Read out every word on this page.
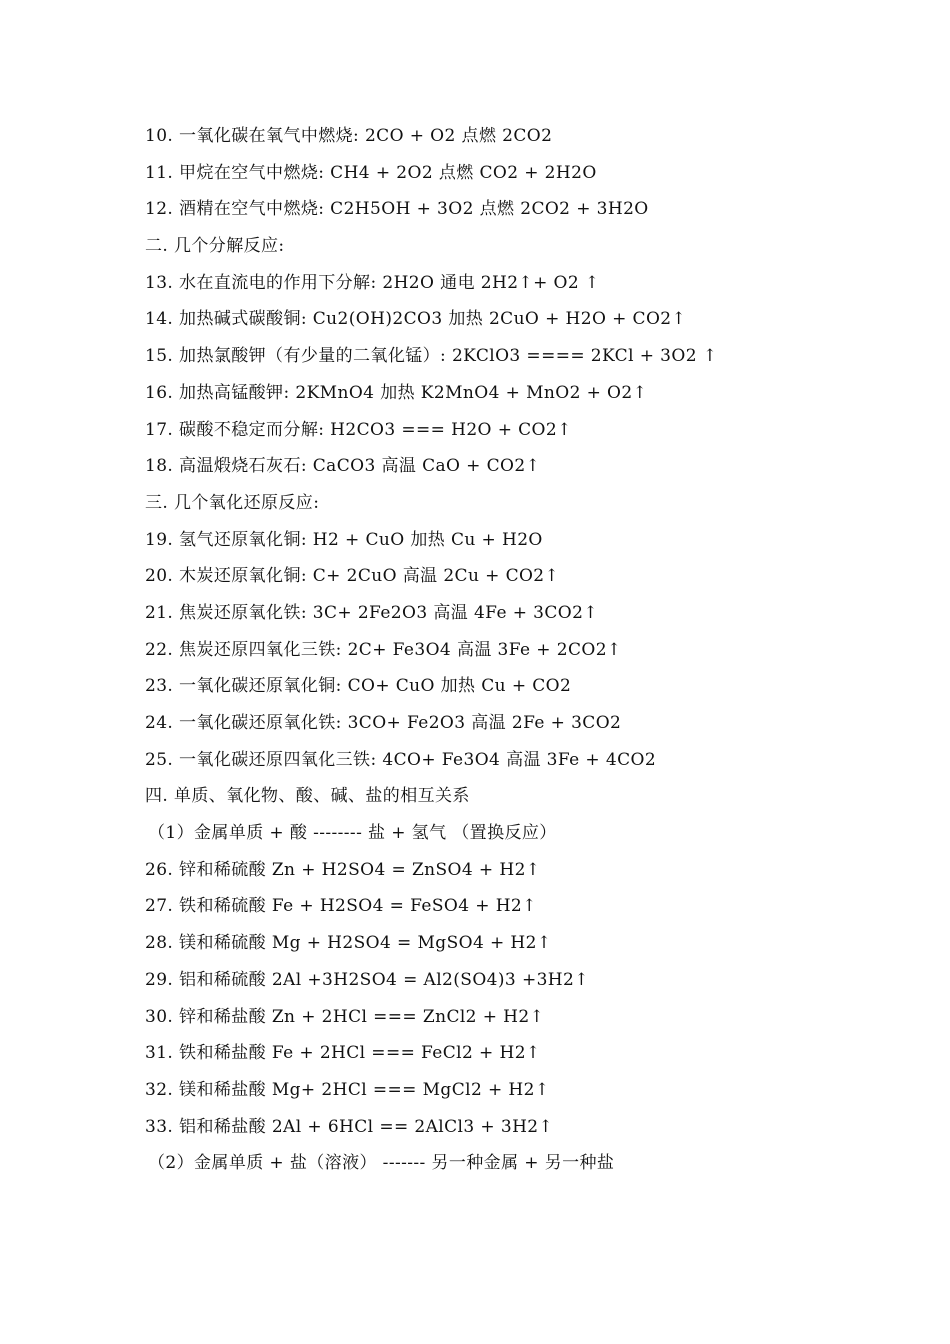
10. 一氧化碳在氧气中燃烧: 2CO + O2 点燃 2CO2
11. 甲烷在空气中燃烧: CH4 + 2O2 点燃 CO2 + 2H2O
12. 酒精在空气中燃烧: C2H5OH + 3O2 点燃 2CO2 + 3H2O
二. 几个分解反应:
13. 水在直流电的作用下分解: 2H2O 通电 2H2↑+ O2 ↑
14. 加热碱式碳酸铜: Cu2(OH)2CO3 加热 2CuO + H2O + CO2↑
15. 加热氯酸钾（有少量的二氧化锰）: 2KClO3 ==== 2KCl + 3O2 ↑
16. 加热高锰酸钾: 2KMnO4 加热 K2MnO4 + MnO2 + O2↑
17. 碳酸不稳定而分解: H2CO3 === H2O + CO2↑
18. 高温煅烧石灰石: CaCO3 高温 CaO + CO2↑
三. 几个氧化还原反应:
19. 氢气还原氧化铜: H2 + CuO 加热 Cu + H2O
20. 木炭还原氧化铜: C+ 2CuO 高温 2Cu + CO2↑
21. 焦炭还原氧化铁: 3C+ 2Fe2O3 高温 4Fe + 3CO2↑
22. 焦炭还原四氧化三铁: 2C+ Fe3O4 高温 3Fe + 2CO2↑
23. 一氧化碳还原氧化铜: CO+ CuO 加热 Cu + CO2
24. 一氧化碳还原氧化铁: 3CO+ Fe2O3 高温 2Fe + 3CO2
25. 一氧化碳还原四氧化三铁: 4CO+ Fe3O4 高温 3Fe + 4CO2
四. 单质、氧化物、酸、碱、盐的相互关系
（1）金属单质 + 酸 -------- 盐 + 氢气 （置换反应）
26. 锌和稀硫酸 Zn + H2SO4 = ZnSO4 + H2↑
27. 铁和稀硫酸 Fe + H2SO4 = FeSO4 + H2↑
28. 镁和稀硫酸 Mg + H2SO4 = MgSO4 + H2↑
29. 铝和稀硫酸 2Al +3H2SO4 = Al2(SO4)3 +3H2↑
30. 锌和稀盐酸 Zn + 2HCl === ZnCl2 + H2↑
31. 铁和稀盐酸 Fe + 2HCl === FeCl2 + H2↑
32. 镁和稀盐酸 Mg+ 2HCl === MgCl2 + H2↑
33. 铝和稀盐酸 2Al + 6HCl == 2AlCl3 + 3H2↑
（2）金属单质 + 盐（溶液） ------- 另一种金属 + 另一种盐
